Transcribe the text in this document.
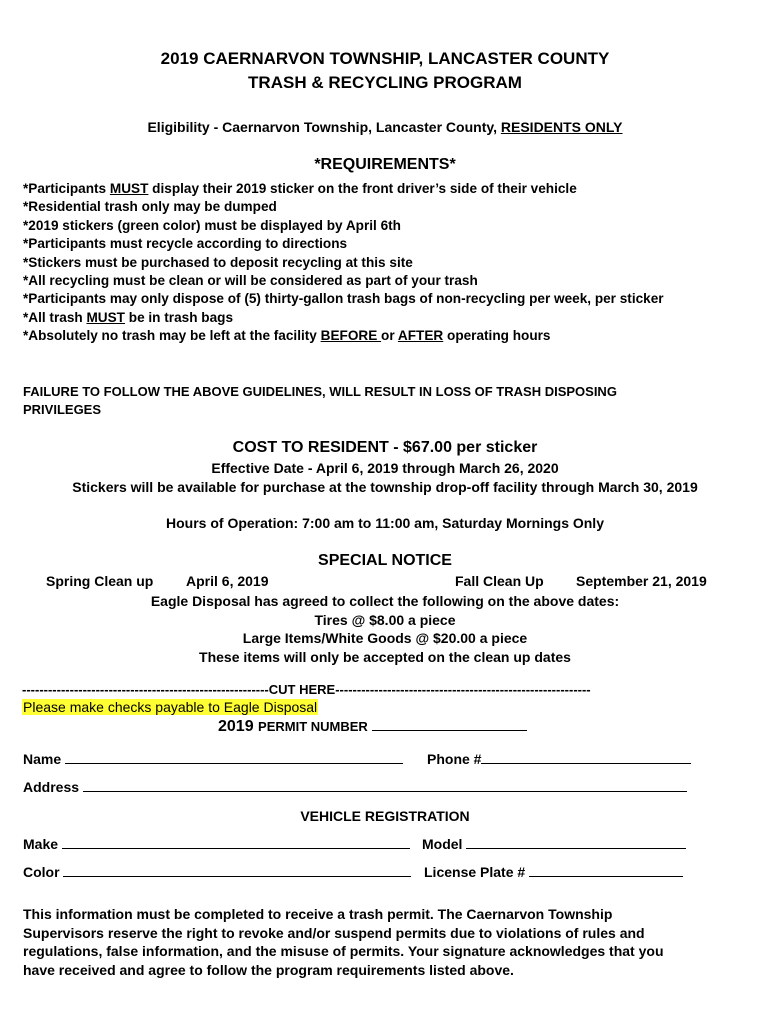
2019 CAERNARVON TOWNSHIP, LANCASTER COUNTY
TRASH & RECYCLING PROGRAM
Eligibility - Caernarvon Township, Lancaster County, RESIDENTS ONLY
*REQUIREMENTS*
*Participants MUST display their 2019 sticker on the front driver’s side of their vehicle
*Residential trash only may be dumped
*2019 stickers (green color) must be displayed by April 6th
*Participants must recycle according to directions
*Stickers must be purchased to deposit recycling at this site
*All recycling must be clean or will be considered as part of your trash
*Participants may only dispose of (5) thirty-gallon trash bags of non-recycling per week, per sticker
*All trash MUST be in trash bags
*Absolutely no trash may be left at the facility BEFORE or AFTER operating hours
FAILURE TO FOLLOW THE ABOVE GUIDELINES, WILL RESULT IN LOSS OF TRASH DISPOSING
PRIVILEGES
COST TO RESIDENT - $67.00 per sticker
Effective Date - April 6, 2019 through March 26, 2020
Stickers will be available for purchase at the township drop-off facility through March 30, 2019
Hours of Operation: 7:00 am to 11:00 am, Saturday Mornings Only
SPECIAL NOTICE
Spring Clean up April 6, 2019	Fall Clean Up September 21, 2019
Eagle Disposal has agreed to collect the following on the above dates:
Tires @ $8.00 a piece
Large Items/White Goods @ $20.00 a piece
These items will only be accepted on the clean up dates
---------------------------------------------------------CUT HERE-----------------------------------------------------------
Please make checks payable to Eagle Disposal
2019 PERMIT NUMBER
Name	Phone #
Address
VEHICLE REGISTRATION
Make	Model
Color	License Plate #
This information must be completed to receive a trash permit. The Caernarvon Township
Supervisors reserve the right to revoke and/or suspend permits due to violations of rules and
regulations, false information, and the misuse of permits. Your signature acknowledges that you
have received and agree to follow the program requirements listed above.
